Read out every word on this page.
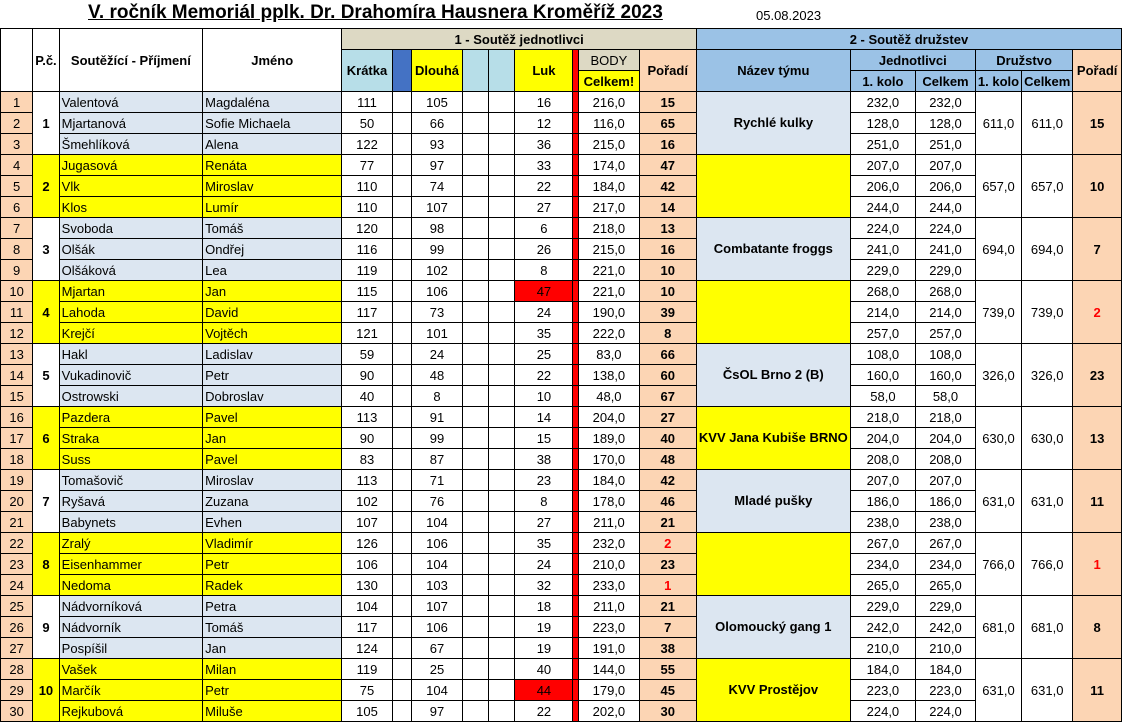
V. ročník Memoriál pplk. Dr. Drahomíra Hausnera Kroměříž 2023	05.08.2023
	P.č.	Soutěžící - Příjmení	Jméno	1 - Soutěž jednotlivci									2 - Soutěž družstev					
				Krátka		Dlouhá			Luk		BODY	Pořadí	Název týmu	Jednotlivci		Družstvo		Pořadí
											Celkem!			1. kolo	Celkem	1. kolo	Celkem	
1	1	Valentová	Magdaléna	111		105			16		216,0	15	Rychlé kulky	232,0	232,0	611,0	611,0	15
2		Mjartanová	Sofie Michaela	50		66			12		116,0	65		128,0	128,0			
3		Šmehlíková	Alena	122		93			36		215,0	16		251,0	251,0			
4	2	Jugasová	Renáta	77		97			33		174,0	47		207,0	207,0	657,0	657,0	10
5		Vlk	Miroslav	110		74			22		184,0	42		206,0	206,0			
6		Klos	Lumír	110		107			27		217,0	14		244,0	244,0			
7	3	Svoboda	Tomáš	120		98			6		218,0	13	Combatante froggs	224,0	224,0	694,0	694,0	7
8		Olšák	Ondřej	116		99			26		215,0	16		241,0	241,0			
9		Olšáková	Lea	119		102			8		221,0	10		229,0	229,0			
10	4	Mjartan	Jan	115		106			47		221,0	10		268,0	268,0	739,0	739,0	2
11		Lahoda	David	117		73			24		190,0	39		214,0	214,0			
12		Krejčí	Vojtěch	121		101			35		222,0	8		257,0	257,0			
13	5	Hakl	Ladislav	59		24			25		83,0	66	ČsOL Brno 2 (B)	108,0	108,0	326,0	326,0	23
14		Vukadinovič	Petr	90		48			22		138,0	60		160,0	160,0			
15		Ostrowski	Dobroslav	40		8			10		48,0	67		58,0	58,0			
16	6	Pazdera	Pavel	113		91			14		204,0	27	KVV Jana Kubiše BRNO	218,0	218,0	630,0	630,0	13
17		Straka	Jan	90		99			15		189,0	40		204,0	204,0			
18		Suss	Pavel	83		87			38		170,0	48		208,0	208,0			
19	7	Tomašovič	Miroslav	113		71			23		184,0	42	Mladé pušky	207,0	207,0	631,0	631,0	11
20		Ryšavá	Zuzana	102		76			8		178,0	46		186,0	186,0			
21		Babynets	Evhen	107		104			27		211,0	21		238,0	238,0			
22	8	Zralý	Vladimír	126		106			35		232,0	2		267,0	267,0	766,0	766,0	1
23		Eisenhammer	Petr	106		104			24		210,0	23		234,0	234,0			
24		Nedoma	Radek	130		103			32		233,0	1		265,0	265,0			
25	9	Nádvorníková	Petra	104		107			18		211,0	21	Olomoucký gang 1	229,0	229,0	681,0	681,0	8
26		Nádvorník	Tomáš	117		106			19		223,0	7		242,0	242,0			
27		Pospíšil	Jan	124		67			19		191,0	38		210,0	210,0			
28	10	Vašek	Milan	119		25			40		144,0	55	KVV Prostějov	184,0	184,0	631,0	631,0	11
29		Marčík	Petr	75		104			44		179,0	45		223,0	223,0			
30		Rejkubová	Miluše	105		97			22		202,0	30		224,0	224,0			
